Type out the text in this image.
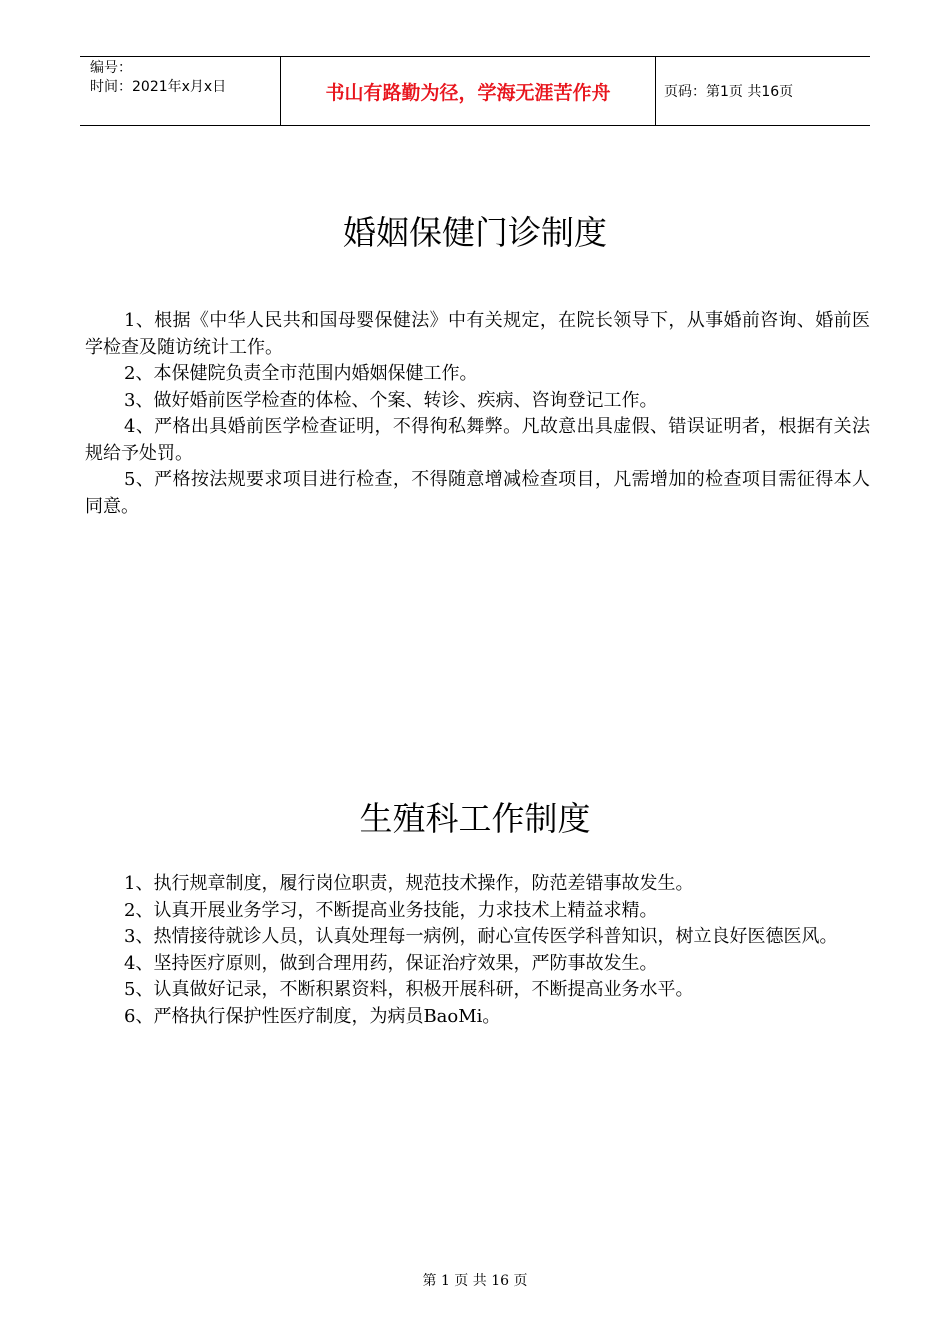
编号：
时间：2021年x月x日	书山有路勤为径，学海无涯苦作舟	页码：第1页 共16页
婚姻保健门诊制度

1、根据《中华人民共和国母婴保健法》中有关规定，在院长领导下，从事婚前咨询、婚前医学检查及随访统计工作。

2、本保健院负责全市范围内婚姻保健工作。

3、做好婚前医学检查的体检、个案、转诊、疾病、咨询登记工作。

4、严格出具婚前医学检查证明，不得徇私舞弊。凡故意出具虚假、错误证明者，根据有关法规给予处罚。

5、严格按法规要求项目进行检查，不得随意增减检查项目，凡需增加的检查项目需征得本人同意。

生殖科工作制度

1、执行规章制度，履行岗位职责，规范技术操作，防范差错事故发生。

2、认真开展业务学习，不断提高业务技能，力求技术上精益求精。

3、热情接待就诊人员，认真处理每一病例，耐心宣传医学科普知识，树立良好医德医风。

4、坚持医疗原则，做到合理用药，保证治疗效果，严防事故发生。

5、认真做好记录，不断积累资料，积极开展科研，不断提高业务水平。

6、严格执行保护性医疗制度，为病员BaoMi。

第 1 页 共 16 页
